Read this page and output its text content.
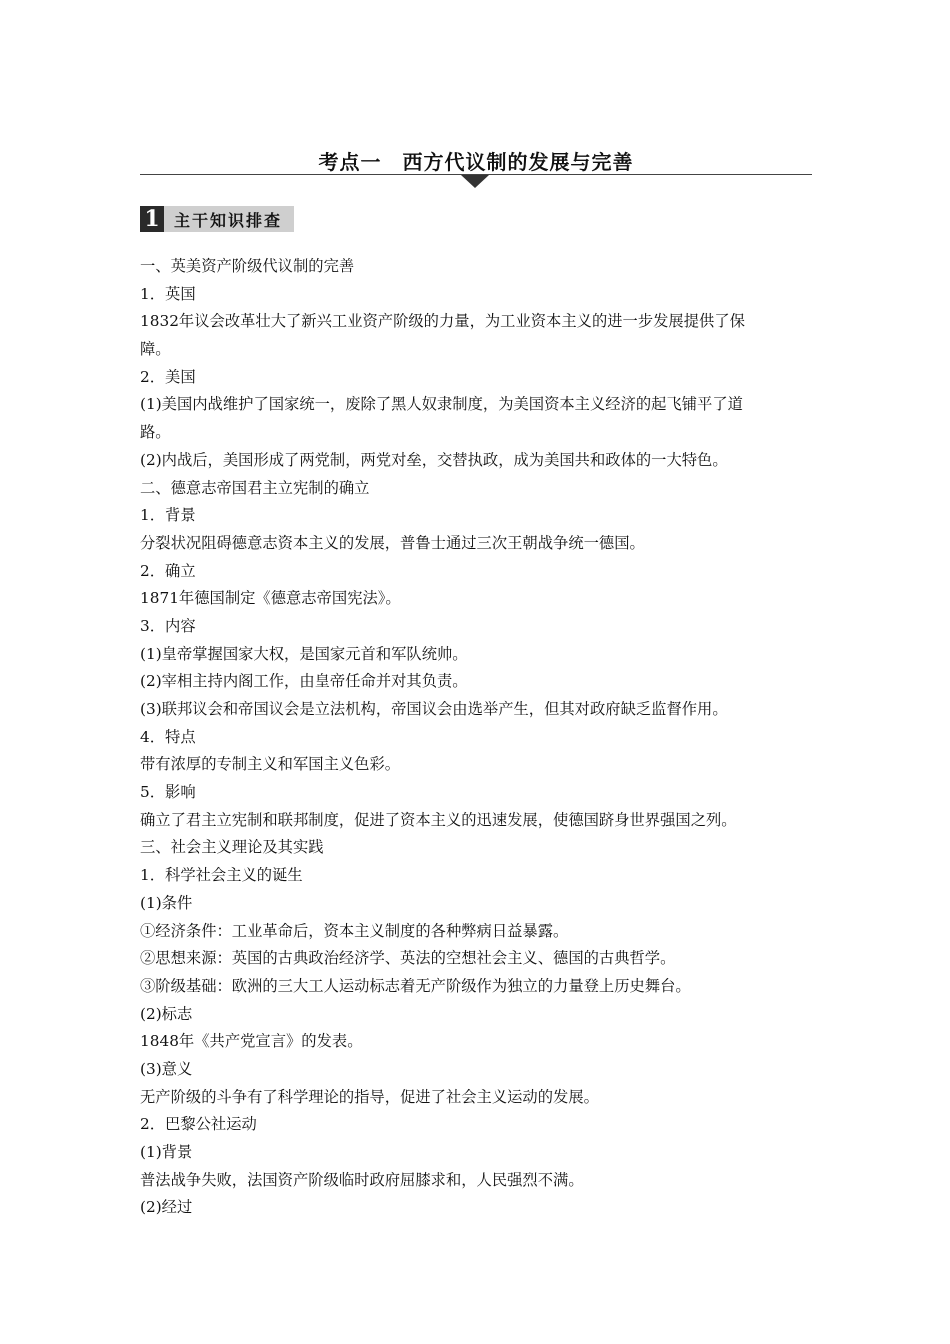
考点一　西方代议制的发展与完善
1 主干知识排查
一、英美资产阶级代议制的完善
1．英国
1832年议会改革壮大了新兴工业资产阶级的力量，为工业资本主义的进一步发展提供了保
障。
2．美国
(1)美国内战维护了国家统一，废除了黑人奴隶制度，为美国资本主义经济的起飞铺平了道
路。
(2)内战后，美国形成了两党制，两党对垒，交替执政，成为美国共和政体的一大特色。
二、德意志帝国君主立宪制的确立
1．背景
分裂状况阻碍德意志资本主义的发展，普鲁士通过三次王朝战争统一德国。
2．确立
1871年德国制定《德意志帝国宪法》。
3．内容
(1)皇帝掌握国家大权，是国家元首和军队统帅。
(2)宰相主持内阁工作，由皇帝任命并对其负责。
(3)联邦议会和帝国议会是立法机构，帝国议会由选举产生，但其对政府缺乏监督作用。
4．特点
带有浓厚的专制主义和军国主义色彩。
5．影响
确立了君主立宪制和联邦制度，促进了资本主义的迅速发展，使德国跻身世界强国之列。
三、社会主义理论及其实践
1．科学社会主义的诞生
(1)条件
①经济条件：工业革命后，资本主义制度的各种弊病日益暴露。
②思想来源：英国的古典政治经济学、英法的空想社会主义、德国的古典哲学。
③阶级基础：欧洲的三大工人运动标志着无产阶级作为独立的力量登上历史舞台。
(2)标志
1848年《共产党宣言》的发表。
(3)意义
无产阶级的斗争有了科学理论的指导，促进了社会主义运动的发展。
2．巴黎公社运动
(1)背景
普法战争失败，法国资产阶级临时政府屈膝求和，人民强烈不满。
(2)经过
